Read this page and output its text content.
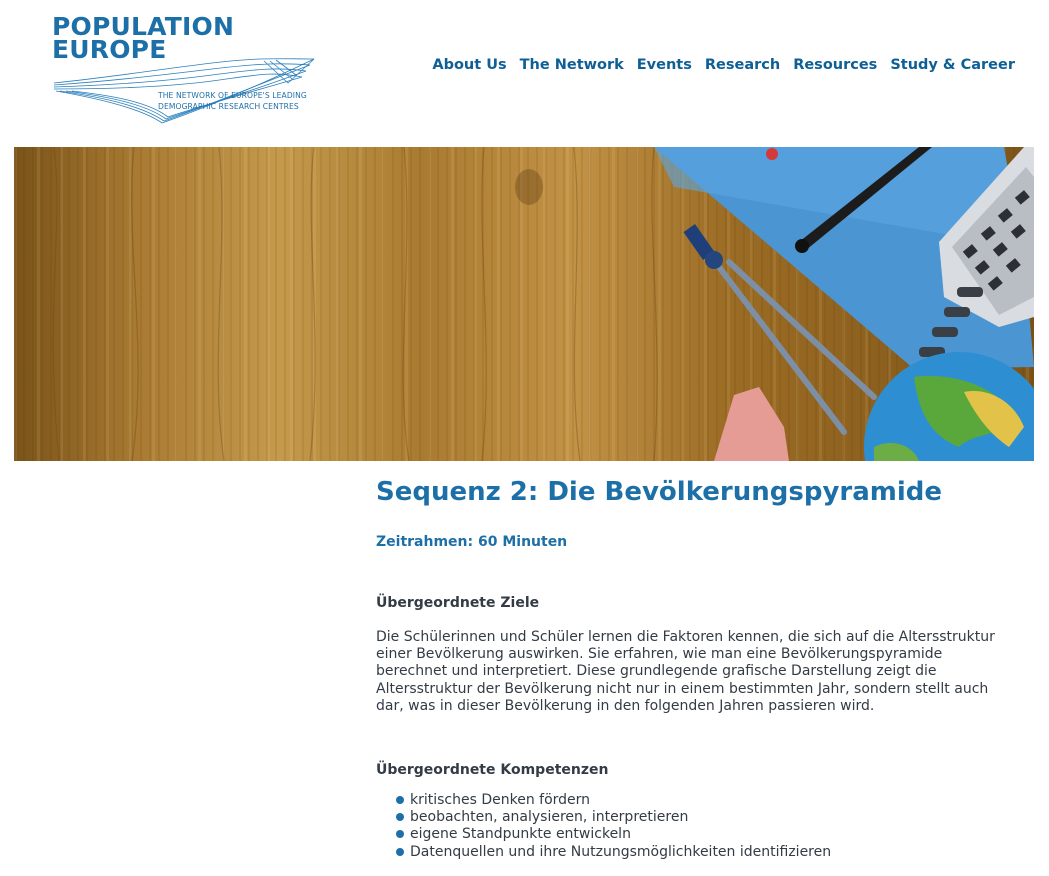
POPULATION

EUROPE

THE NETWORK OF EUROPE'S LEADING

DEMOGRAPHIC RESEARCH CENTRES

About Us The Network Events Research Resources Study & Career
Sequenz 2: Die Bevölkerungspyramide

Zeitrahmen: 60 Minuten

Übergeordnete Ziele

Die Schülerinnen und Schüler lernen die Faktoren kennen, die sich auf die Altersstruktur einer Bevölkerung auswirken. Sie erfahren, wie man eine Bevölkerungspyramide berechnet und interpretiert. Diese grundlegende grafische Darstellung zeigt die Altersstruktur der Bevölkerung nicht nur in einem bestimmten Jahr, sondern stellt auch dar, was in dieser Bevölkerung in den folgenden Jahren passieren wird.

Übergeordnete Kompetenzen
kritisches Denken fördern
beobachten, analysieren, interpretieren
eigene Standpunkte entwickeln
Datenquellen und ihre Nutzungsmöglichkeiten identifizieren
